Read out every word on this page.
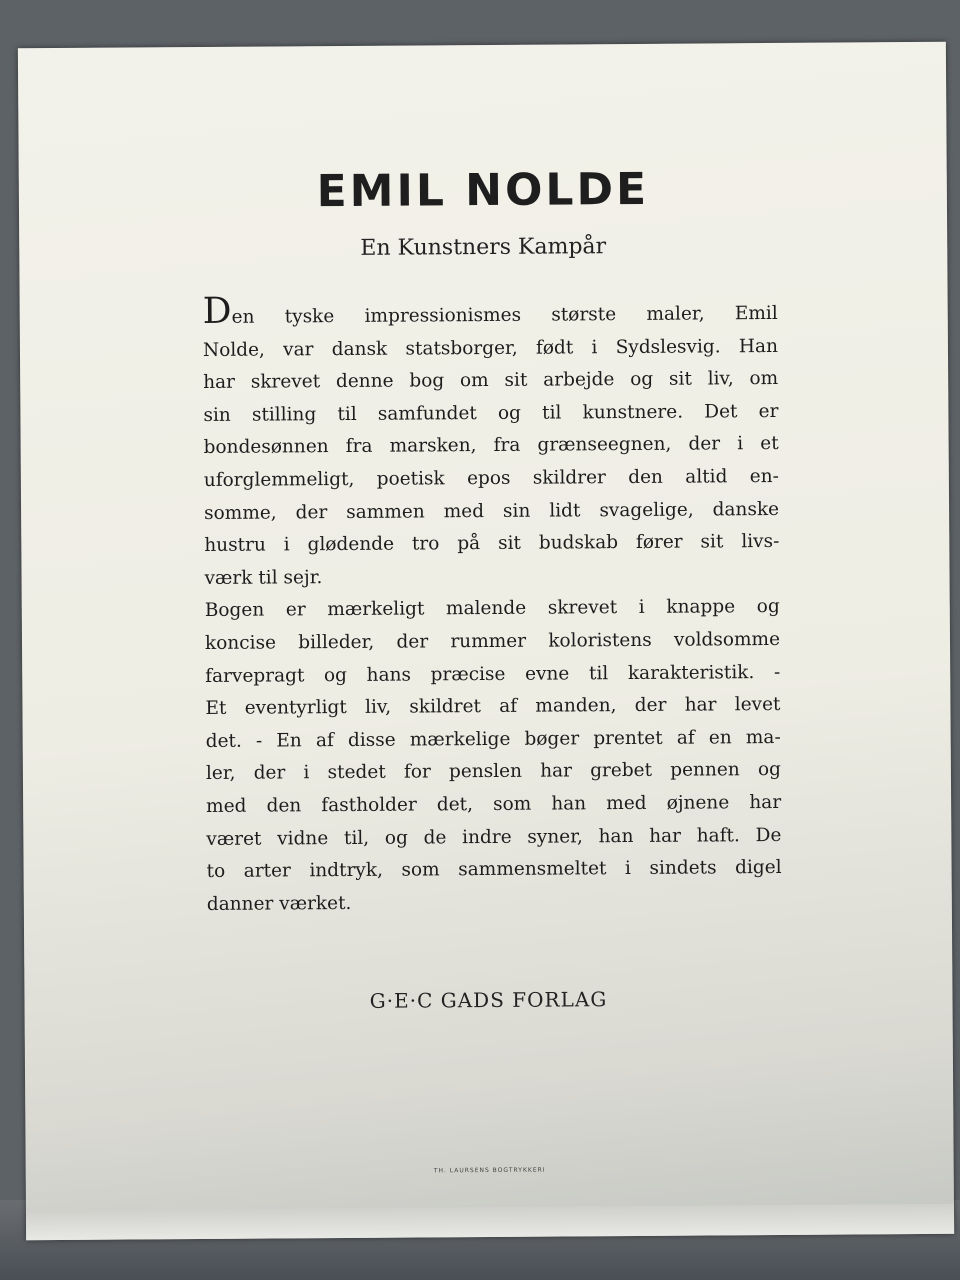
EMIL NOLDE
En Kunstners Kampår
Den tyske impressionismes største maler, Emil
Nolde, var dansk statsborger, født i Sydslesvig. Han
har skrevet denne bog om sit arbejde og sit liv, om
sin stilling til samfundet og til kunstnere. Det er
bondesønnen fra marsken, fra grænseegnen, der i et
uforglemmeligt, poetisk epos skildrer den altid en-
somme, der sammen med sin lidt svagelige, danske
hustru i glødende tro på sit budskab fører sit livs-
værk til sejr.
Bogen er mærkeligt malende skrevet i knappe og
koncise billeder, der rummer koloristens voldsomme
farvepragt og hans præcise evne til karakteristik. -
Et eventyrligt liv, skildret af manden, der har levet
det. - En af disse mærkelige bøger prentet af en ma-
ler, der i stedet for penslen har grebet pennen og
med den fastholder det, som han med øjnene har
været vidne til, og de indre syner, han har haft. De
to arter indtryk, som sammensmeltet i sindets digel
danner værket.
G·E·C GADS FORLAG
TH. LAURSENS BOGTRYKKERI
